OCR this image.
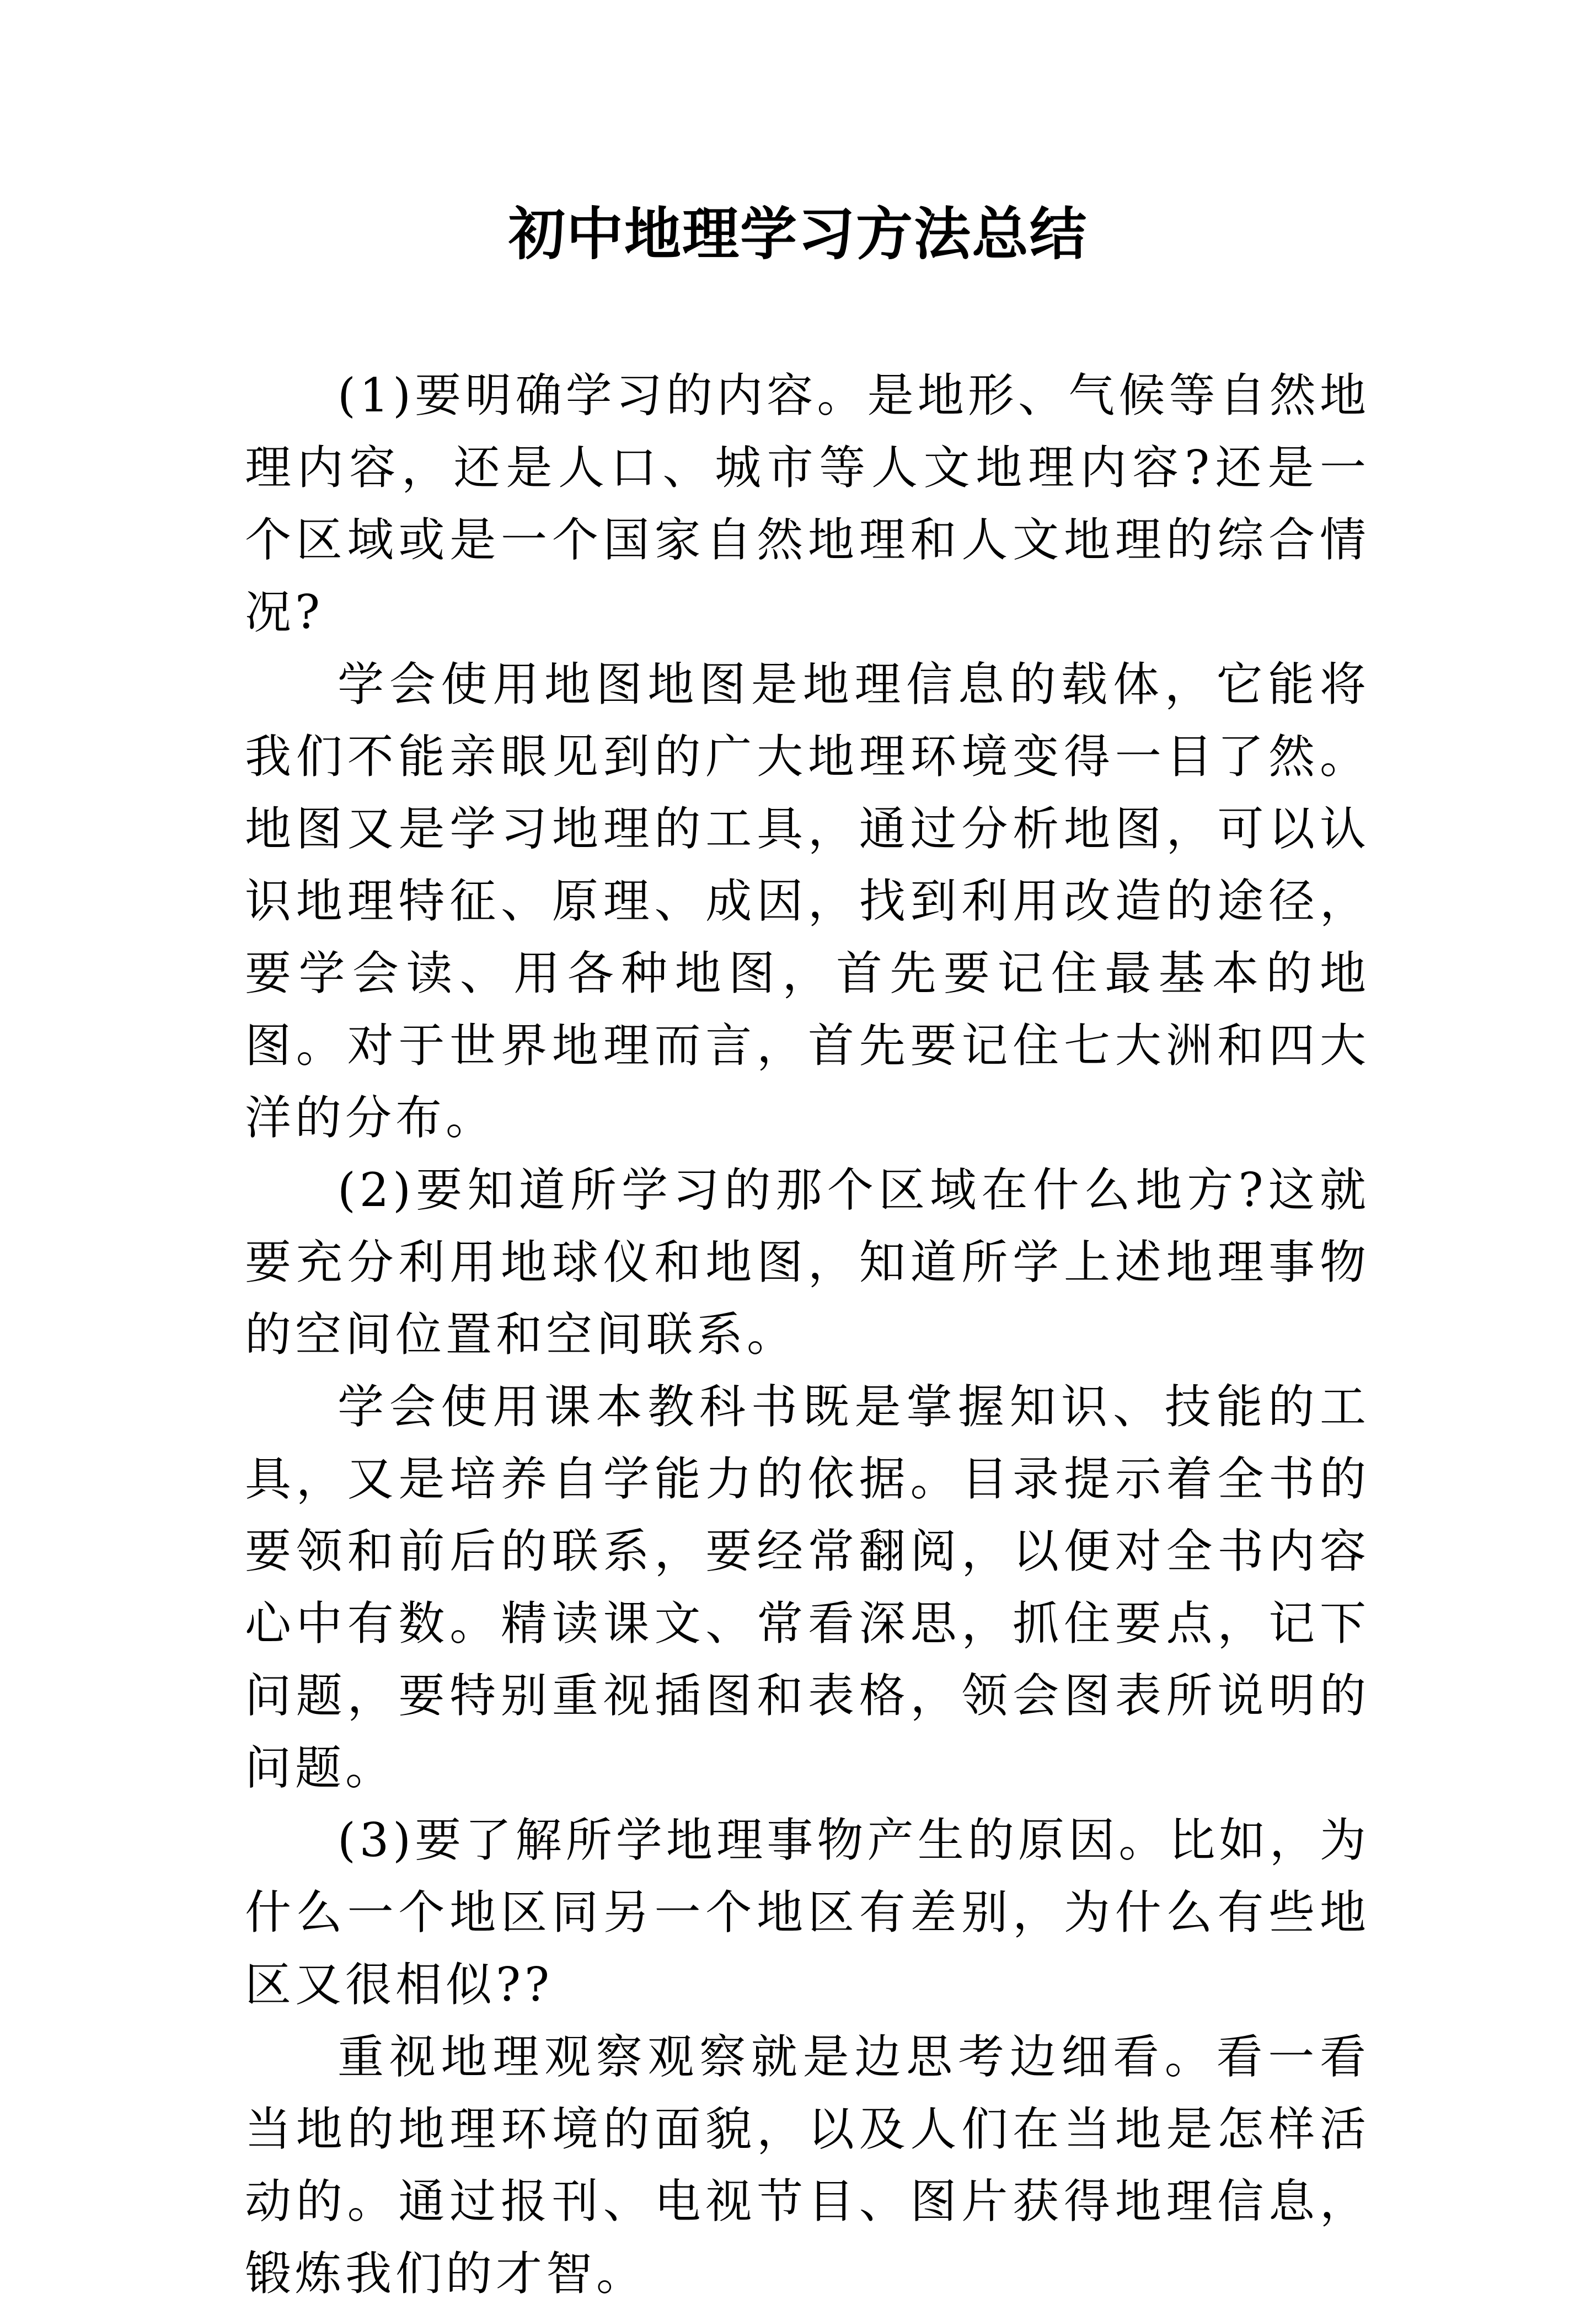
初中地理学习方法总结

(1)要明确学习的内容。是地形、气候等自然地理内容，还是人口、城市等人文地理内容?还是一个区域或是一个国家自然地理和人文地理的综合情况?

学会使用地图地图是地理信息的载体，它能将我们不能亲眼见到的广大地理环境变得一目了然。地图又是学习地理的工具，通过分析地图，可以认识地理特征、原理、成因，找到利用改造的途径，要学会读、用各种地图，首先要记住最基本的地图。对于世界地理而言，首先要记住七大洲和四大洋的分布。

(2)要知道所学习的那个区域在什么地方?这就要充分利用地球仪和地图，知道所学上述地理事物的空间位置和空间联系。

学会使用课本教科书既是掌握知识、技能的工具，又是培养自学能力的依据。目录提示着全书的要领和前后的联系，要经常翻阅，以便对全书内容心中有数。精读课文、常看深思，抓住要点，记下问题，要特别重视插图和表格，领会图表所说明的问题。

(3)要了解所学地理事物产生的原因。比如，为什么一个地区同另一个地区有差别，为什么有些地区又很相似??

重视地理观察观察就是边思考边细看。看一看当地的地理环境的面貌，以及人们在当地是怎样活动的。通过报刊、电视节目、图片获得地理信息，锻炼我们的才智。
